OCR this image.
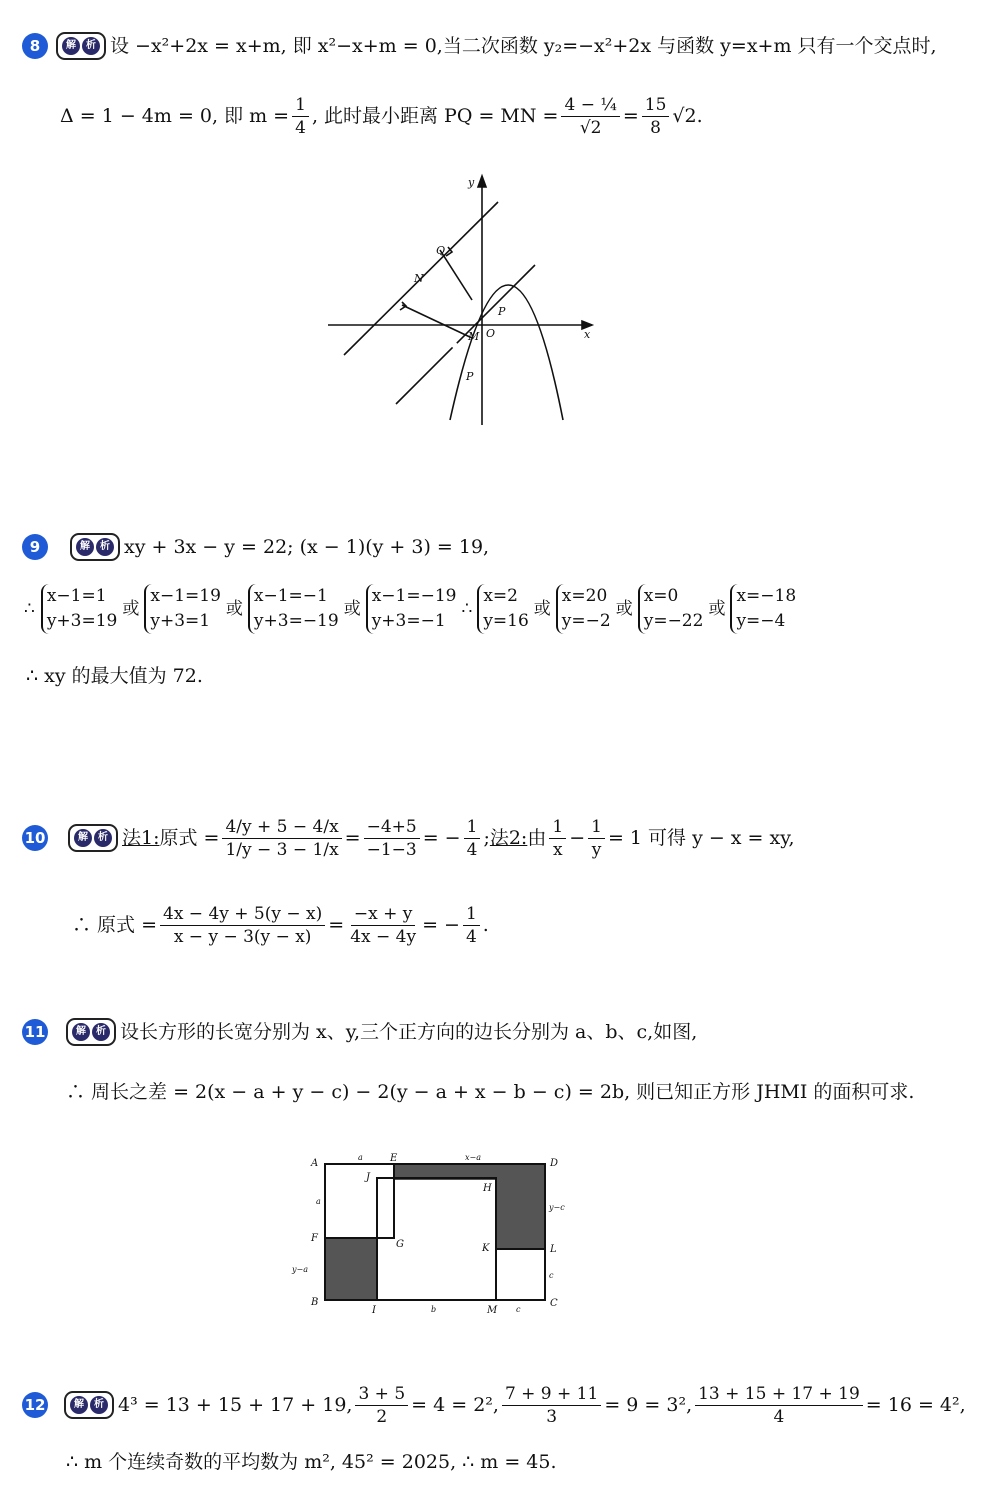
8	解	析 设 −x²+2x = x+m, 即 x²−x+m = 0,当二次函数 y₂=−x²+2x 与函数 y=x+m 只有一个交点时,
Δ = 1 − 4m = 0, 即 $m = \frac{1}{4}$ , 此时最小距离 PQ = MN = $\frac{\text{4 − ¼}}{√2} = \frac{15}{8} √2$.
y
x
Q
N
P
P
O
M
9	解	析 xy + 3x − y = 22; (x − 1)(y + 3) = 19,
∴
x−1=1
y+3=19
或
x−1=19
y+3=1
或
x−1=−1
y+3=−19
或
x−1=−19
y+3=−1
∴
x=2
y=16
或
x=20
y=−2
或
x=0
y=−22
或
x=−18
y=−4
∴ xy 的最大值为 72.
10	解	析 法1: 原式 = $\frac{4/y + 5 - 4/x}{1/y - 3 - 1/x} = \frac{-4+5}{-1-3}$ = − $\frac{1}{4}$ ; 法2: 由 $\frac{1}{x} - \frac{1}{y} = 1$ 可得 y − x = xy,
∴ 原式 = $\frac{4x - 4y + 5(y - x)}{x - y - 3(y - x)} = \frac{-x + y}{4x - 4y}$ = − $\frac{1}{4}$ .
11	解	析 设长方形的长宽分别为 x、y,三个正方向的边长分别为 a、b、c,如图,
∴ 周长之差 = 2(x − a + y − c) − 2(y − a + x − b − c) = 2b, 则已知正方形 JHMI 的面积可求.
A	E	D
J
H
F
G	K	L
B
I	M
C
a	x−a
a
y−c
c
b	c
y−a
12	解	析 4³ = 13 + 15 + 17 + 19, $\frac{3 + 5}{2} = 4 = 2^2$, $\frac{7 + 9 + 11}{3} = 9 = 3^2$, $\frac{13 + 15 + 17 + 19}{4} = 16 = 4^2$,
∴ m 个连续奇数的平均数为 m², 45² = 2025, ∴ m = 45.
